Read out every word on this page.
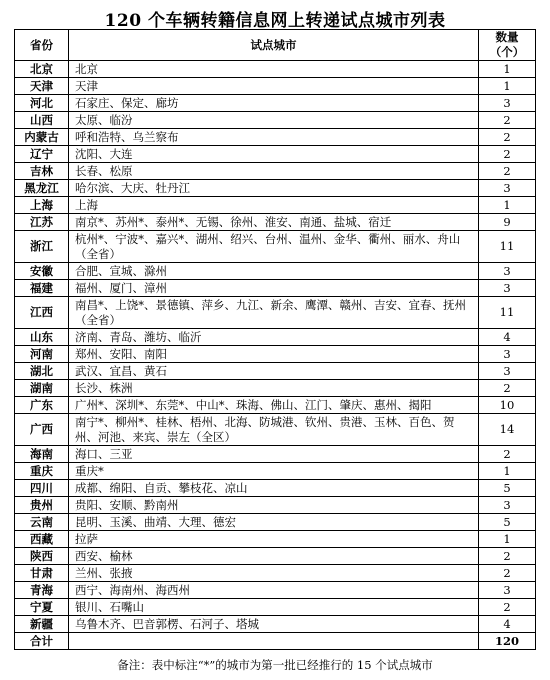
120 个车辆转籍信息网上转递试点城市列表
省份	试点城市	数量（个）
北京	北京	1
天津	天津	1
河北	石家庄、保定、廊坊	3
山西	太原、临汾	2
内蒙古	呼和浩特、乌兰察布	2
辽宁	沈阳、大连	2
吉林	长春、松原	2
黑龙江	哈尔滨、大庆、牡丹江	3
上海	上海	1
江苏	南京*、苏州*、泰州*、无锡、徐州、淮安、南通、盐城、宿迁	9
浙江	杭州*、宁波*、嘉兴*、湖州、绍兴、台州、温州、金华、衢州、丽水、舟山（全省）	11
安徽	合肥、宣城、滁州	3
福建	福州、厦门、漳州	3
江西	南昌*、上饶*、景德镇、萍乡、九江、新余、鹰潭、赣州、吉安、宜春、抚州（全省）	11
山东	济南、青岛、潍坊、临沂	4
河南	郑州、安阳、南阳	3
湖北	武汉、宜昌、黄石	3
湖南	长沙、株洲	2
广东	广州*、深圳*、东莞*、中山*、珠海、佛山、江门、肇庆、惠州、揭阳	10
广西	南宁*、柳州*、桂林、梧州、北海、防城港、钦州、贵港、玉林、百色、贺州、河池、来宾、崇左（全区）	14
海南	海口、三亚	2
重庆	重庆*	1
四川	成都、绵阳、自贡、攀枝花、凉山	5
贵州	贵阳、安顺、黔南州	3
云南	昆明、玉溪、曲靖、大理、德宏	5
西藏	拉萨	1
陕西	西安、榆林	2
甘肃	兰州、张掖	2
青海	西宁、海南州、海西州	3
宁夏	银川、石嘴山	2
新疆	乌鲁木齐、巴音郭楞、石河子、塔城	4
合计		120
备注：表中标注“*”的城市为第一批已经推行的 15 个试点城市
